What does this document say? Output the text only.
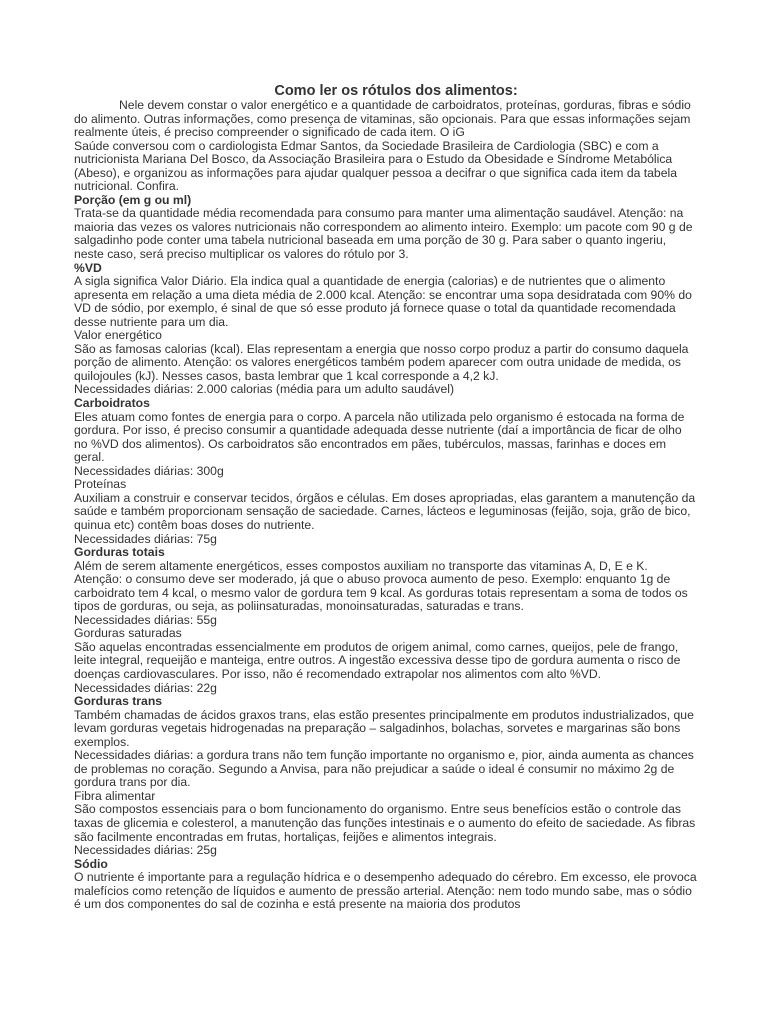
Como ler os rótulos dos alimentos:

Nele devem constar o valor energético e a quantidade de carboidratos, proteínas, gorduras, fibras e sódio do alimento. Outras informações, como presença de vitaminas, são opcionais. Para que essas informações sejam realmente úteis, é preciso compreender o significado de cada item. O iG

Saúde conversou com o cardiologista Edmar Santos, da Sociedade Brasileira de Cardiologia (SBC) e com a nutricionista Mariana Del Bosco, da Associação Brasileira para o Estudo da Obesidade e Síndrome Metabólica (Abeso), e organizou as informações para ajudar qualquer pessoa a decifrar o que significa cada item da tabela nutricional. Confira.

Porção (em g ou ml)

Trata-se da quantidade média recomendada para consumo para manter uma alimentação saudável. Atenção: na maioria das vezes os valores nutricionais não correspondem ao alimento inteiro. Exemplo: um pacote com 90 g de salgadinho pode conter uma tabela nutricional baseada em uma porção de 30 g. Para saber o quanto ingeriu, neste caso, será preciso multiplicar os valores do rótulo por 3.

%VD

A sigla significa Valor Diário. Ela indica qual a quantidade de energia (calorias) e de nutrientes que o alimento apresenta em relação a uma dieta média de 2.000 kcal. Atenção: se encontrar uma sopa desidratada com 90% do VD de sódio, por exemplo, é sinal de que só esse produto já fornece quase o total da quantidade recomendada desse nutriente para um dia.

Valor energético

São as famosas calorias (kcal). Elas representam a energia que nosso corpo produz a partir do consumo daquela porção de alimento. Atenção: os valores energéticos também podem aparecer com outra unidade de medida, os quilojoules (kJ). Nesses casos, basta lembrar que 1 kcal corresponde a 4,2 kJ.

Necessidades diárias: 2.000 calorias (média para um adulto saudável)

Carboidratos

Eles atuam como fontes de energia para o corpo. A parcela não utilizada pelo organismo é estocada na forma de gordura. Por isso, é preciso consumir a quantidade adequada desse nutriente (daí a importância de ficar de olho no %VD dos alimentos). Os carboidratos são encontrados em pães, tubérculos, massas, farinhas e doces em geral.

Necessidades diárias: 300g

Proteínas

Auxiliam a construir e conservar tecidos, órgãos e células. Em doses apropriadas, elas garantem a manutenção da saúde e também proporcionam sensação de saciedade. Carnes, lácteos e leguminosas (feijão, soja, grão de bico, quinua etc) contêm boas doses do nutriente.

Necessidades diárias: 75g

Gorduras totais

Além de serem altamente energéticos, esses compostos auxiliam no transporte das vitaminas A, D, E e K. Atenção: o consumo deve ser moderado, já que o abuso provoca aumento de peso. Exemplo: enquanto 1g de carboidrato tem 4 kcal, o mesmo valor de gordura tem 9 kcal. As gorduras totais representam a soma de todos os tipos de gorduras, ou seja, as poliinsaturadas, monoinsaturadas, saturadas e trans.

Necessidades diárias: 55g

Gorduras saturadas

São aquelas encontradas essencialmente em produtos de origem animal, como carnes, queijos, pele de frango, leite integral, requeijão e manteiga, entre outros. A ingestão excessiva desse tipo de gordura aumenta o risco de doenças cardiovasculares. Por isso, não é recomendado extrapolar nos alimentos com alto %VD.

Necessidades diárias: 22g

Gorduras trans

Também chamadas de ácidos graxos trans, elas estão presentes principalmente em produtos industrializados, que levam gorduras vegetais hidrogenadas na preparação – salgadinhos, bolachas, sorvetes e margarinas são bons exemplos.

Necessidades diárias: a gordura trans não tem função importante no organismo e, pior, ainda aumenta as chances de problemas no coração. Segundo a Anvisa, para não prejudicar a saúde o ideal é consumir no máximo 2g de gordura trans por dia.

Fibra alimentar

São compostos essenciais para o bom funcionamento do organismo. Entre seus benefícios estão o controle das taxas de glicemia e colesterol, a manutenção das funções intestinais e o aumento do efeito de saciedade. As fibras são facilmente encontradas em frutas, hortaliças, feijões e alimentos integrais.

Necessidades diárias: 25g

Sódio

O nutriente é importante para a regulação hídrica e o desempenho adequado do cérebro. Em excesso, ele provoca malefícios como retenção de líquidos e aumento de pressão arterial. Atenção: nem todo mundo sabe, mas o sódio é um dos componentes do sal de cozinha e está presente na maioria dos produtos
